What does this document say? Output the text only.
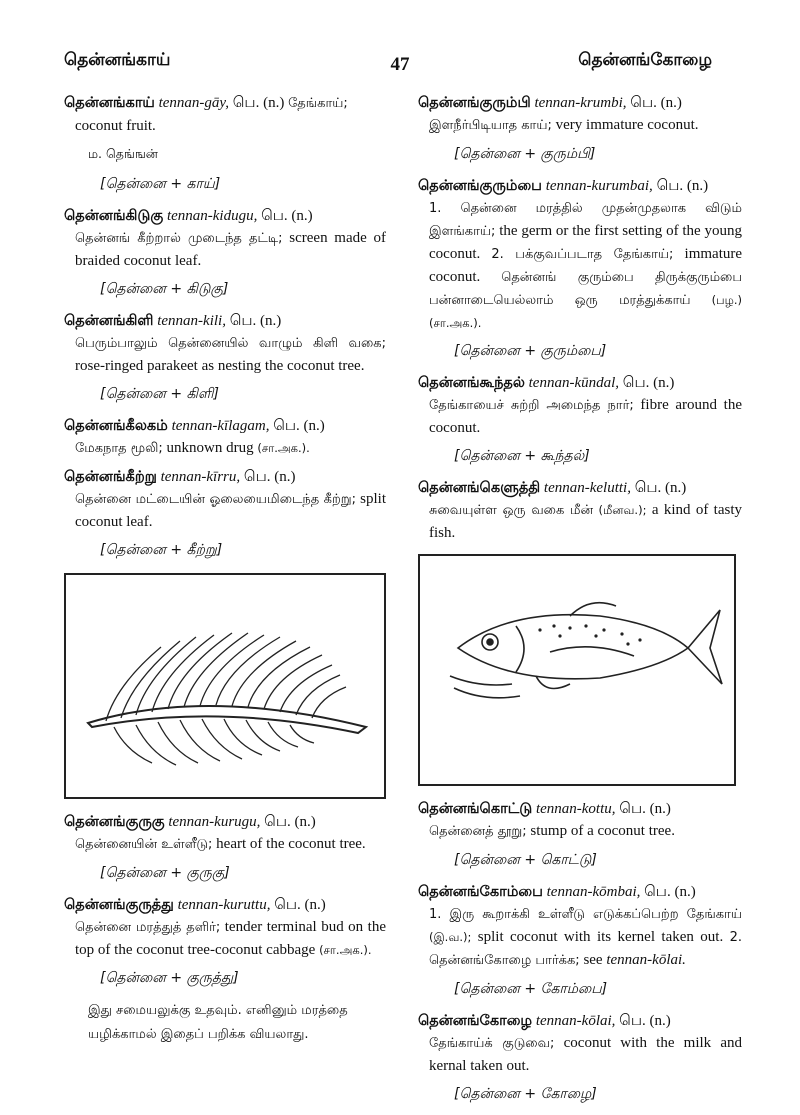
தென்னங்காய்	47	தென்னங்கோழை
தென்னங்காய் tennan-gāy, பெ. (n.) தேங்காய்;
coconut fruit.
ம. தெங்ஙன்
[தென்னை + காய்]
தென்னங்கிடுகு tennan-kidugu, பெ. (n.)
தென்னங் கீற்றால் முடைந்த தட்டி; screen made of braided coconut leaf.
[தென்னை + கிடுகு]
தென்னங்கிளி tennan-kili, பெ. (n.)
பெரும்பாலும் தென்னையில் வாழும் கிளி வகை; rose-ringed parakeet as nesting the coconut tree.
[தென்னை + கிளி]
தென்னங்கீலகம் tennan-kīlagam, பெ. (n.)
மேகநாத மூலி; unknown drug (சா.அக.).
தென்னங்கீற்று tennan-kīrru, பெ. (n.)
தென்னை மட்டையின் ஓலையைமிடைந்த கீற்று; split coconut leaf.
[தென்னை + கீற்று]
தென்னங்குருகு tennan-kurugu, பெ. (n.)
தென்னையின் உள்ளீடு; heart of the coconut tree.
[தென்னை + குருகு]
தென்னங்குருத்து tennan-kuruttu, பெ. (n.)
தென்னை மரத்துத் தளிர்; tender terminal bud on the top of the coconut tree-coconut cabbage (சா.அக.).
[தென்னை + குருத்து]
இது சமையலுக்கு உதவும். எனினும் மரத்தை யழிக்காமல் இதைப் பறிக்க வியலாது.
தென்னங்குரும்பி tennan-krumbi, பெ. (n.)
இளநீர்பிடியாத காய்; very immature coconut.
[தென்னை + குரும்பி]
தென்னங்குரும்பை tennan-kurumbai, பெ. (n.)
1. தென்னை மரத்தில் முதன்முதலாக விடும் இளங்காய்; the germ or the first setting of the young coconut. 2. பக்குவப்படாத தேங்காய்; immature coconut. தென்னங் குரும்பை திருக்குரும்பை பன்னாடையெல்லாம் ஒரு மரத்துக்காய் (பழ.) (சா.அக.).
[தென்னை + குரும்பை]
தென்னங்கூந்தல் tennan-kūndal, பெ. (n.)
தேங்காயைச் சுற்றி அமைந்த நார்; fibre around the coconut.
[தென்னை + கூந்தல்]
தென்னங்கெளுத்தி tennan-kelutti, பெ. (n.)
சுவையுள்ள ஒரு வகை மீன் (மீனவ.); a kind of tasty fish.
தென்னங்கொட்டு tennan-kottu, பெ. (n.)
தென்னைத் தூறு; stump of a coconut tree.
[தென்னை + கொட்டு]
தென்னங்கோம்பை tennan-kōmbai, பெ. (n.)
1. இரு கூறாக்கி உள்ளீடு எடுக்கப்பெற்ற தேங்காய் (இ.வ.); split coconut with its kernel taken out. 2. தென்னங்கோழை பார்க்க; see tennan-kōlai.
[தென்னை + கோம்பை]
தென்னங்கோழை tennan-kōlai, பெ. (n.)
தேங்காய்க் குடுவை; coconut with the milk and kernal taken out.
[தென்னை + கோழை]
